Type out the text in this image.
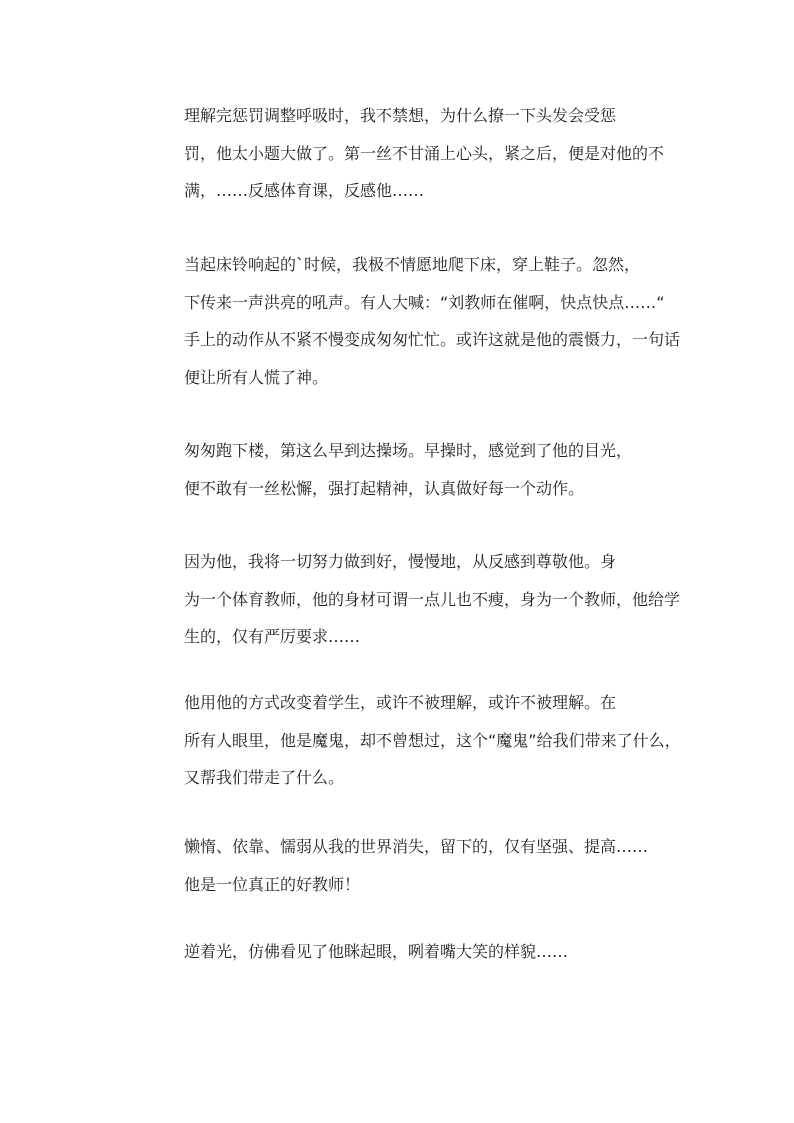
理解完惩罚调整呼吸时，我不禁想，为什么撩一下头发会受惩
罚，他太小题大做了。第一丝不甘涌上心头，紧之后，便是对他的不
满，……反感体育课，反感他……

当起床铃响起的`时候，我极不情愿地爬下床，穿上鞋子。忽然，
下传来一声洪亮的吼声。有人大喊：“刘教师在催啊，快点快点……“
手上的动作从不紧不慢变成匆匆忙忙。或许这就是他的震慑力，一句话
便让所有人慌了神。

匆匆跑下楼，第这么早到达操场。早操时，感觉到了他的目光，
便不敢有一丝松懈，强打起精神，认真做好每一个动作。

因为他，我将一切努力做到好，慢慢地，从反感到尊敬他。身
为一个体育教师，他的身材可谓一点儿也不瘦，身为一个教师，他给学
生的，仅有严厉要求……

他用他的方式改变着学生，或许不被理解，或许不被理解。在
所有人眼里，他是魔鬼，却不曾想过，这个“魔鬼”给我们带来了什么，
又帮我们带走了什么。

懒惰、依靠、懦弱从我的世界消失，留下的，仅有坚强、提高……
他是一位真正的好教师！

逆着光，仿佛看见了他眯起眼，咧着嘴大笑的样貌……
